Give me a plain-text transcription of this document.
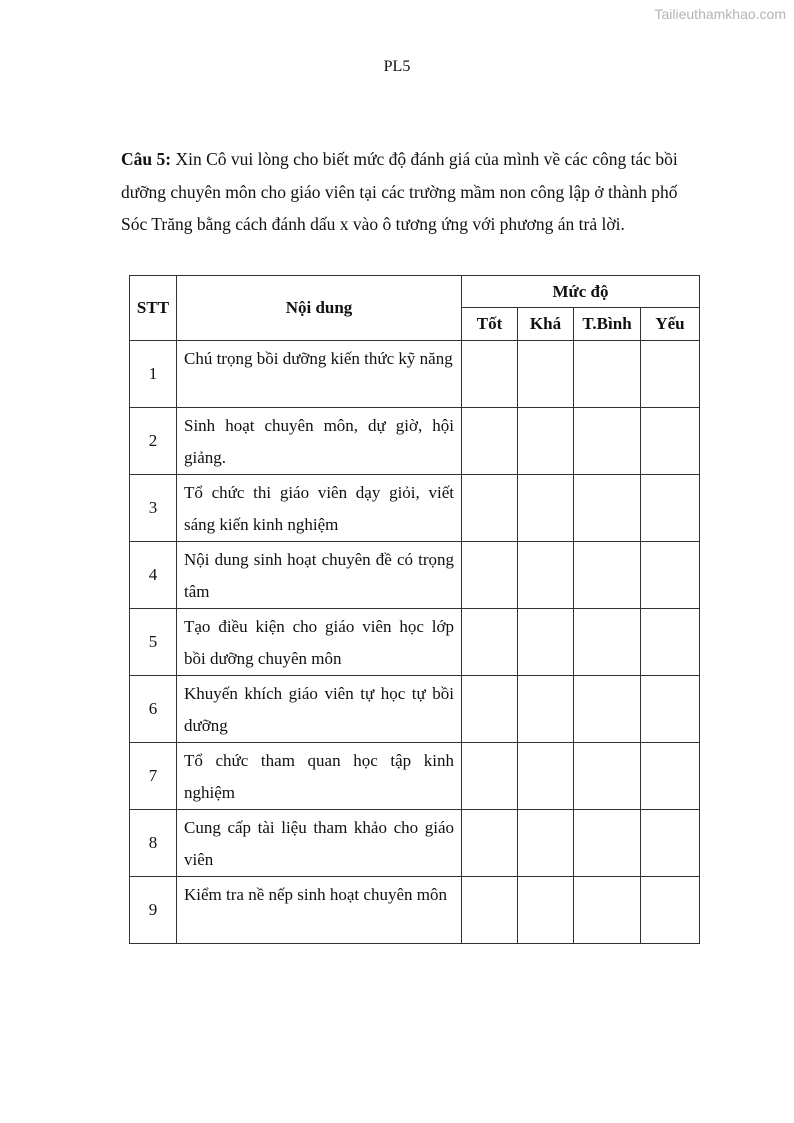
Tailieuthamkhao.com
PL5

Câu 5: Xin Cô vui lòng cho biết mức độ đánh giá của mình về các công tác bồi dưỡng chuyên môn cho giáo viên tại các trường mầm non công lập ở thành phố Sóc Trăng bằng cách đánh dấu x vào ô tương ứng với phương án trả lời.

STT	Nội dung	Mức độ			
		Tốt	Khá	T.Bình	Yếu
1	Chú trọng bồi dưỡng kiến thức kỹ năng				
2	Sinh hoạt chuyên môn, dự giờ, hội giảng.				
3	Tổ chức thi giáo viên dạy giỏi, viết sáng kiến kinh nghiệm				
4	Nội dung sinh hoạt chuyên đề có trọng tâm				
5	Tạo điều kiện cho giáo viên học lớp bồi dưỡng chuyên môn				
6	Khuyến khích giáo viên tự học tự bồi dưỡng				
7	Tổ chức tham quan học tập kinh nghiệm				
8	Cung cấp tài liệu tham khảo cho giáo viên				
9	Kiểm tra nề nếp sinh hoạt chuyên môn				
